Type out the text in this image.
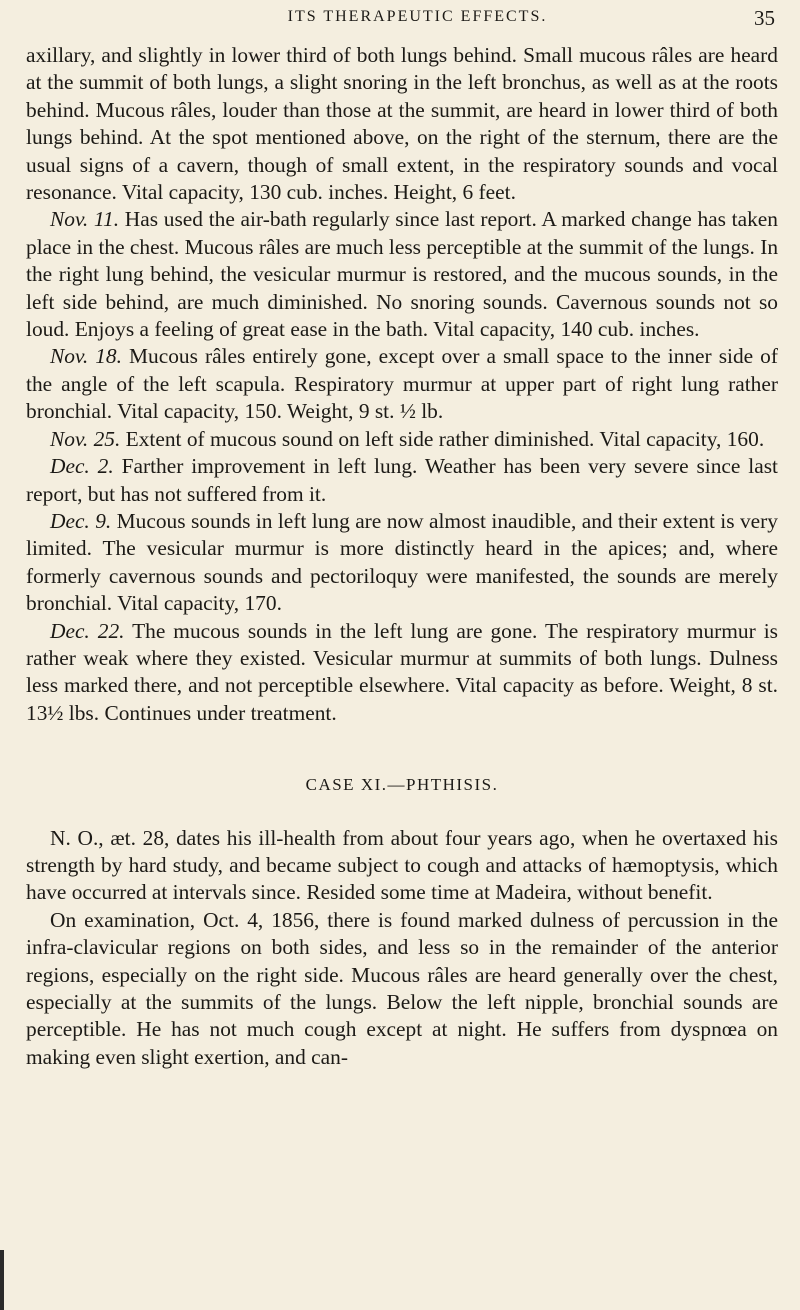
ITS THERAPEUTIC EFFECTS.	35

axillary, and slightly in lower third of both lungs behind. Small mucous râles are heard at the summit of both lungs, a slight snoring in the left bronchus, as well as at the roots behind. Mucous râles, louder than those at the summit, are heard in lower third of both lungs behind. At the spot mentioned above, on the right of the sternum, there are the usual signs of a cavern, though of small extent, in the respiratory sounds and vocal resonance. Vital capacity, 130 cub. inches. Height, 6 feet.

Nov. 11. Has used the air-bath regularly since last report. A marked change has taken place in the chest. Mucous râles are much less perceptible at the summit of the lungs. In the right lung behind, the vesicular murmur is restored, and the mucous sounds, in the left side behind, are much diminished. No snoring sounds. Cavernous sounds not so loud. Enjoys a feeling of great ease in the bath. Vital capacity, 140 cub. inches.

Nov. 18. Mucous râles entirely gone, except over a small space to the inner side of the angle of the left scapula. Respiratory murmur at upper part of right lung rather bronchial. Vital capacity, 150. Weight, 9 st. ½ lb.

Nov. 25. Extent of mucous sound on left side rather diminished. Vital capacity, 160.

Dec. 2. Farther improvement in left lung. Weather has been very severe since last report, but has not suffered from it.

Dec. 9. Mucous sounds in left lung are now almost inaudible, and their extent is very limited. The vesicular murmur is more distinctly heard in the apices; and, where formerly cavernous sounds and pectoriloquy were manifested, the sounds are merely bronchial. Vital capacity, 170.

Dec. 22. The mucous sounds in the left lung are gone. The respiratory murmur is rather weak where they existed. Vesicular murmur at summits of both lungs. Dulness less marked there, and not perceptible elsewhere. Vital capacity as before. Weight, 8 st. 13½ lbs. Continues under treatment.

CASE XI.—PHTHISIS.

N. O., æt. 28, dates his ill-health from about four years ago, when he overtaxed his strength by hard study, and became subject to cough and attacks of hæmoptysis, which have occurred at intervals since. Resided some time at Madeira, without benefit.

On examination, Oct. 4, 1856, there is found marked dulness of percussion in the infra-clavicular regions on both sides, and less so in the remainder of the anterior regions, especially on the right side. Mucous râles are heard generally over the chest, especially at the summits of the lungs. Below the left nipple, bronchial sounds are perceptible. He has not much cough except at night. He suffers from dyspnœa on making even slight exertion, and can-
